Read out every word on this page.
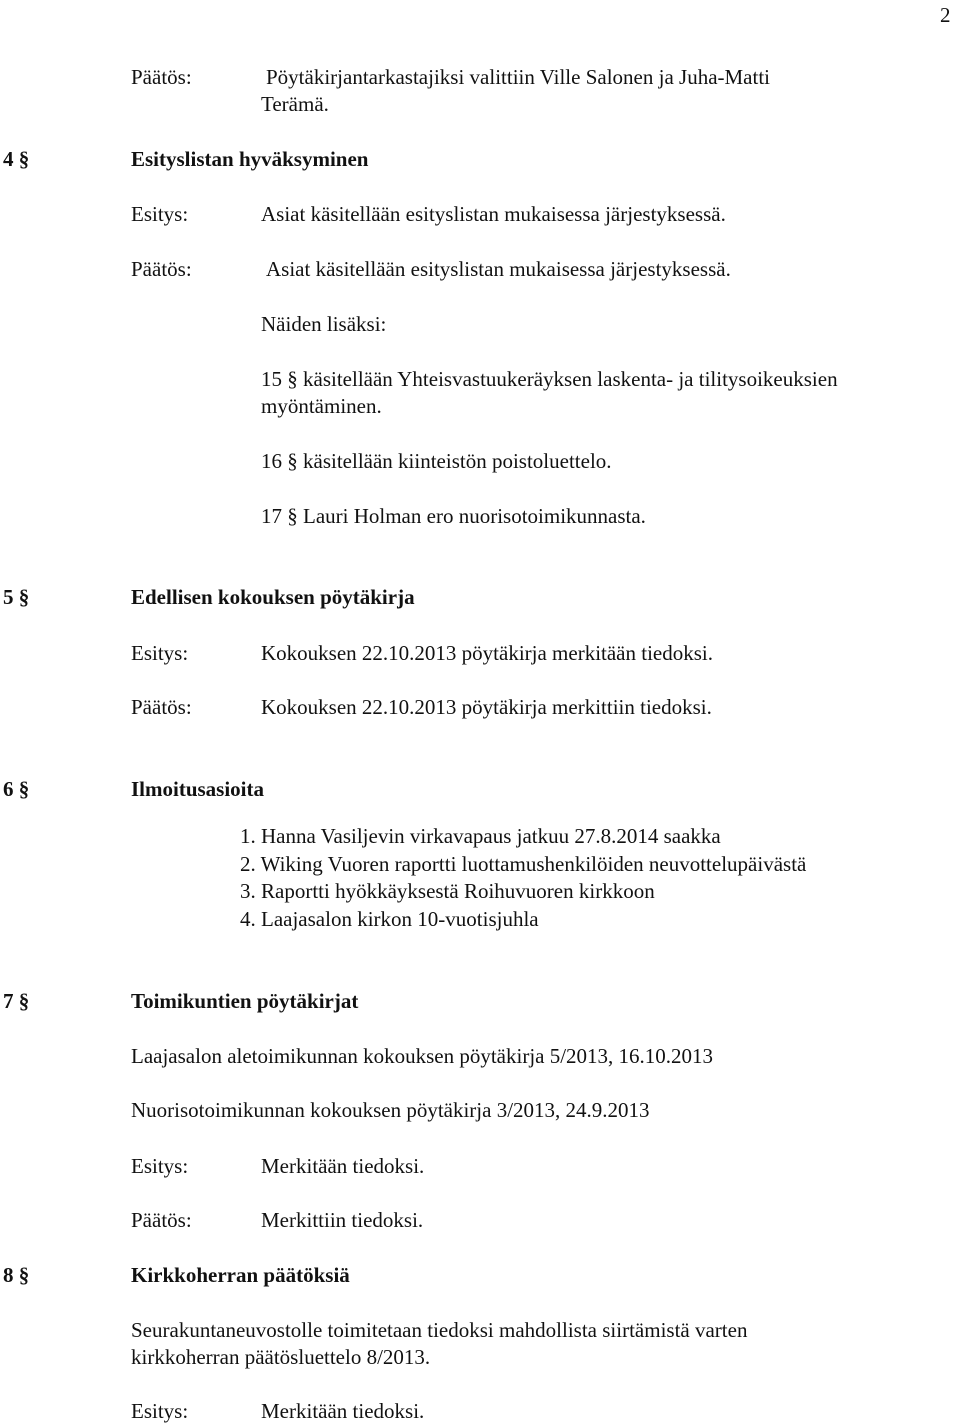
2
Päätös:	Pöytäkirjantarkastajiksi valittiin Ville Salonen ja Juha-Matti
Terämä.
4 §	Esityslistan hyväksyminen
Esitys:	Asiat käsitellään esityslistan mukaisessa järjestyksessä.
Päätös:	Asiat käsitellään esityslistan mukaisessa järjestyksessä.
Näiden lisäksi:
15 § käsitellään Yhteisvastuukeräyksen laskenta- ja tilitysoikeuksien
myöntäminen.
16 § käsitellään kiinteistön poistoluettelo.
17 § Lauri Holman ero nuorisotoimikunnasta.
5 §	Edellisen kokouksen pöytäkirja
Esitys:	Kokouksen 22.10.2013 pöytäkirja merkitään tiedoksi.
Päätös:	Kokouksen 22.10.2013 pöytäkirja merkittiin tiedoksi.
6 §	Ilmoitusasioita
1. Hanna Vasiljevin virkavapaus jatkuu 27.8.2014 saakka
2. Wiking Vuoren raportti luottamushenkilöiden neuvottelupäivästä
3. Raportti hyökkäyksestä Roihuvuoren kirkkoon
4. Laajasalon kirkon 10-vuotisjuhla
7 §	Toimikuntien pöytäkirjat
Laajasalon aletoimikunnan kokouksen pöytäkirja 5/2013, 16.10.2013
Nuorisotoimikunnan kokouksen pöytäkirja 3/2013, 24.9.2013
Esitys:	Merkitään tiedoksi.
Päätös:	Merkittiin tiedoksi.
8 §	Kirkkoherran päätöksiä
Seurakuntaneuvostolle toimitetaan tiedoksi mahdollista siirtämistä varten
kirkkoherran päätösluettelo 8/2013.
Esitys:	Merkitään tiedoksi.
